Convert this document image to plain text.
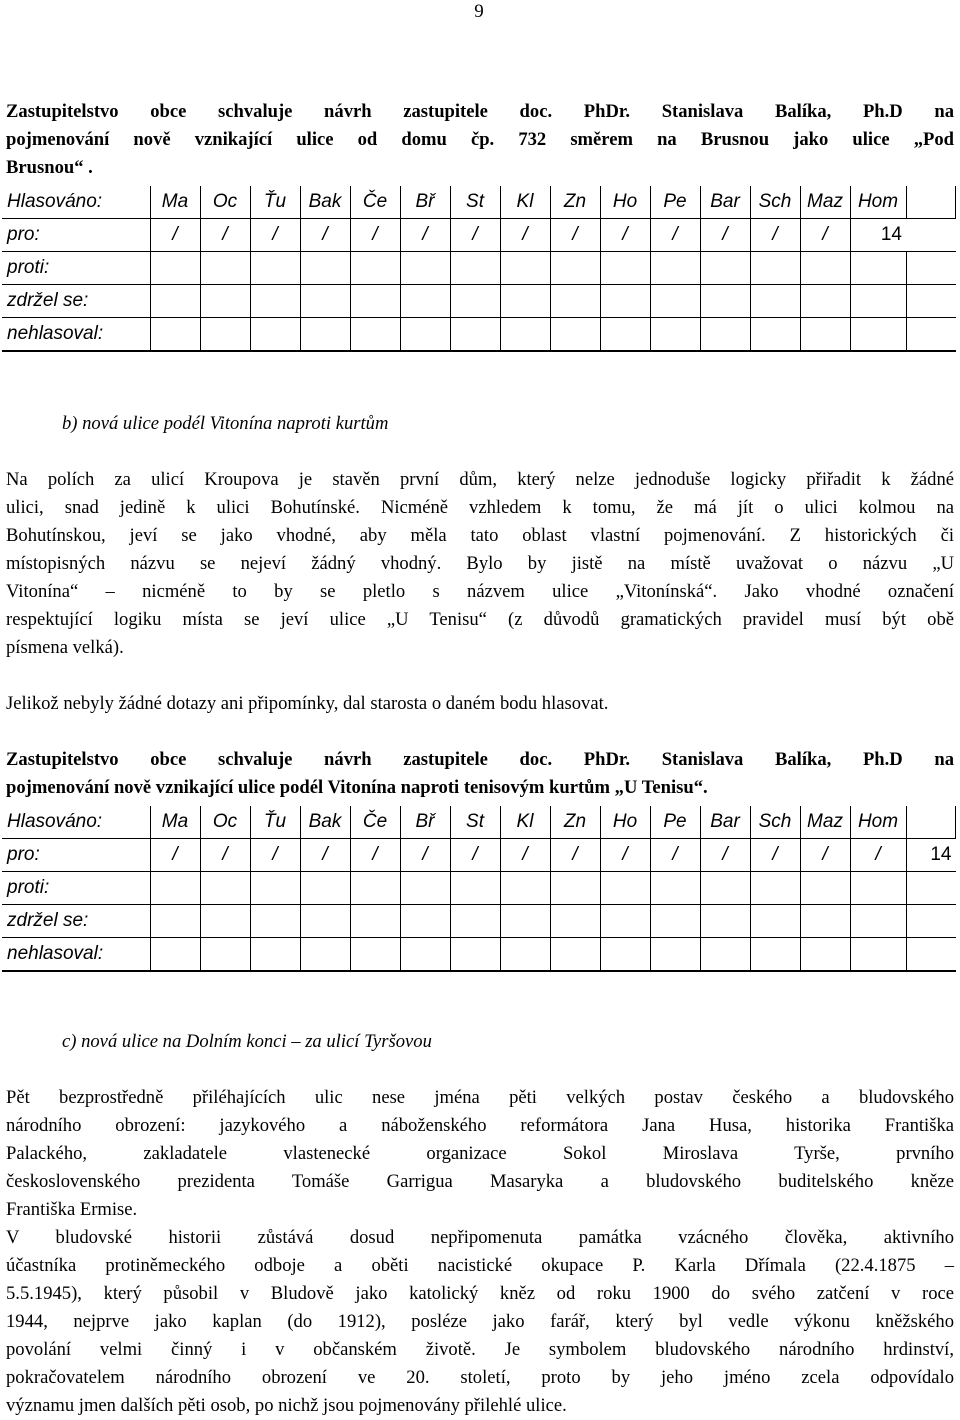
9
Zastupitelstvo obce schvaluje návrh zastupitele doc. PhDr. Stanislava Balíka, Ph.D na
pojmenování nově vznikající ulice od domu čp. 732 směrem na Brusnou jako ulice „Pod
Brusnou“ .
Hlasováno:	Ma	Oc	Ťu	Bak	Če	Bř	St	Kl	Zn	Ho	Pe	Bar	Sch	Maz	Hom	
pro:	/	/	/	/	/	/	/	/	/	/	/	/	/	/	14	
proti:																
zdržel se:																
nehlasoval:																
b) nová ulice podél Vitonína naproti kurtům
Na polích za ulicí Kroupova je stavěn první dům, který nelze jednoduše logicky přiřadit k žádné
ulici, snad jedině k ulici Bohutínské. Nicméně vzhledem k tomu, že má jít o ulici kolmou na
Bohutínskou, jeví se jako vhodné, aby měla tato oblast vlastní pojmenování. Z historických či
místopisných názvu se nejeví žádný vhodný. Bylo by jistě na místě uvažovat o názvu „U
Vitonína“ – nicméně to by se pletlo s názvem ulice „Vitonínská“. Jako vhodné označení
respektující logiku místa se jeví ulice „U Tenisu“ (z důvodů gramatických pravidel musí být obě
písmena velká).
Jelikož nebyly žádné dotazy ani připomínky, dal starosta o daném bodu hlasovat.
Zastupitelstvo obce schvaluje návrh zastupitele doc. PhDr. Stanislava Balíka, Ph.D na
pojmenování nově vznikající ulice podél Vitonína naproti tenisovým kurtům „U Tenisu“.
Hlasováno:	Ma	Oc	Ťu	Bak	Če	Bř	St	Kl	Zn	Ho	Pe	Bar	Sch	Maz	Hom	
pro:	/	/	/	/	/	/	/	/	/	/	/	/	/	/	/	14
proti:																
zdržel se:																
nehlasoval:																
c) nová ulice na Dolním konci – za ulicí Tyršovou
Pět bezprostředně přiléhajících ulic nese jména pěti velkých postav českého a bludovského
národního obrození: jazykového a náboženského reformátora Jana Husa, historika Františka
Palackého, zakladatele vlastenecké organizace Sokol Miroslava Tyrše, prvního
československého prezidenta Tomáše Garrigua Masaryka a bludovského buditelského kněze
Františka Ermise.
V bludovské historii zůstává dosud nepřipomenuta památka vzácného člověka, aktivního
účastníka protiněmeckého odboje a oběti nacistické okupace P. Karla Dřímala (22.4.1875 –
5.5.1945), který působil v Bludově jako katolický kněz od roku 1900 do svého zatčení v roce
1944, nejprve jako kaplan (do 1912), posléze jako farář, který byl vedle výkonu kněžského
povolání velmi činný i v občanském životě. Je symbolem bludovského národního hrdinství,
pokračovatelem národního obrození ve 20. století, proto by jeho jméno zcela odpovídalo
významu jmen dalších pěti osob, po nichž jsou pojmenovány přilehlé ulice.
